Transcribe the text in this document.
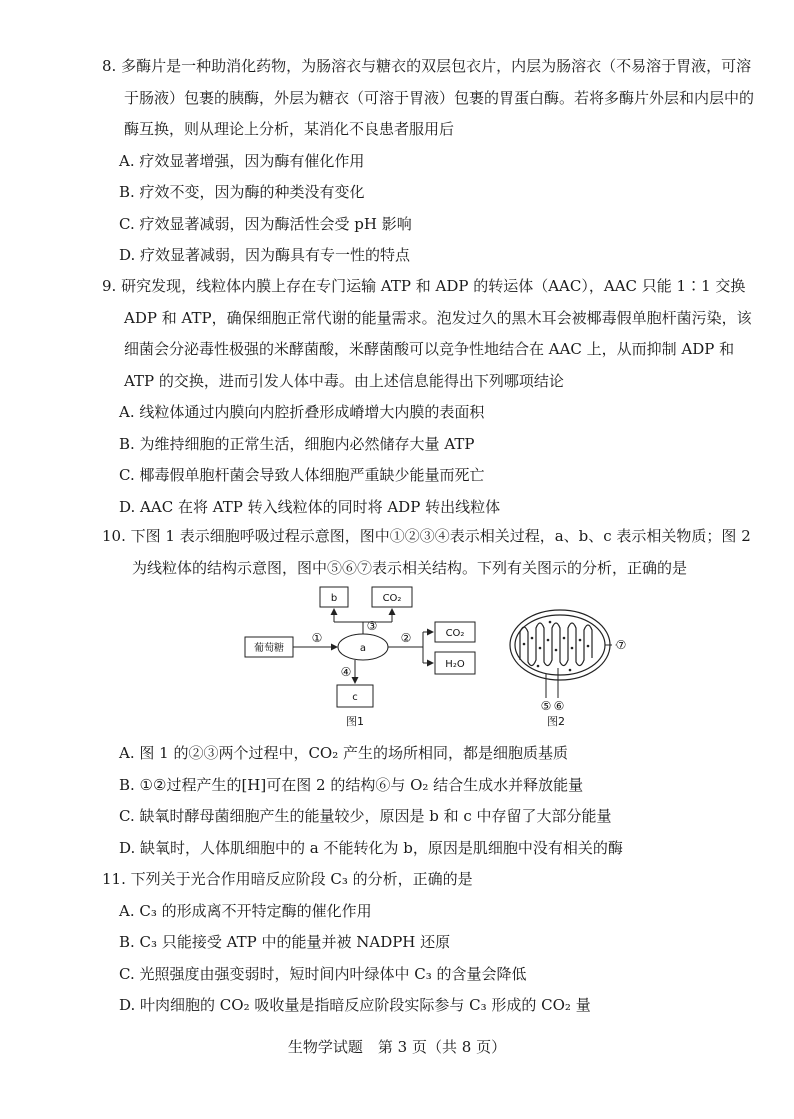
8. 多酶片是一种助消化药物，为肠溶衣与糖衣的双层包衣片，内层为肠溶衣（不易溶于胃液，可溶于肠液）包裹的胰酶，外层为糖衣（可溶于胃液）包裹的胃蛋白酶。若将多酶片外层和内层中的酶互换，则从理论上分析，某消化不良患者服用后

A. 疗效显著增强，因为酶有催化作用

B. 疗效不变，因为酶的种类没有变化

C. 疗效显著减弱，因为酶活性会受 pH 影响

D. 疗效显著减弱，因为酶具有专一性的特点

9. 研究发现，线粒体内膜上存在专门运输 ATP 和 ADP 的转运体（AAC），AAC 只能 1∶1 交换 ADP 和 ATP，确保细胞正常代谢的能量需求。泡发过久的黑木耳会被椰毒假单胞杆菌污染，该细菌会分泌毒性极强的米酵菌酸，米酵菌酸可以竞争性地结合在 AAC 上，从而抑制 ADP 和 ATP 的交换，进而引发人体中毒。由上述信息能得出下列哪项结论

A. 线粒体通过内膜向内腔折叠形成嵴增大内膜的表面积

B. 为维持细胞的正常生活，细胞内必然储存大量 ATP

C. 椰毒假单胞杆菌会导致人体细胞严重缺少能量而死亡

D. AAC 在将 ATP 转入线粒体的同时将 ADP 转出线粒体

10. 下图 1 表示细胞呼吸过程示意图，图中①②③④表示相关过程，a、b、c 表示相关物质；图 2 为线粒体的结构示意图，图中⑤⑥⑦表示相关结构。下列有关图示的分析，正确的是

b	CO₂
葡萄糖	a
CO₂
H₂O
c
①
③
②
④
图1
⑤ ⑥
⑦
图2

A. 图 1 的②③两个过程中，CO₂ 产生的场所相同，都是细胞质基质

B. ①②过程产生的[H]可在图 2 的结构⑥与 O₂ 结合生成水并释放能量

C. 缺氧时酵母菌细胞产生的能量较少，原因是 b 和 c 中存留了大部分能量

D. 缺氧时，人体肌细胞中的 a 不能转化为 b，原因是肌细胞中没有相关的酶

11. 下列关于光合作用暗反应阶段 C₃ 的分析，正确的是

A. C₃ 的形成离不开特定酶的催化作用

B. C₃ 只能接受 ATP 中的能量并被 NADPH 还原

C. 光照强度由强变弱时，短时间内叶绿体中 C₃ 的含量会降低

D. 叶肉细胞的 CO₂ 吸收量是指暗反应阶段实际参与 C₃ 形成的 CO₂ 量

生物学试题　第 3 页（共 8 页）
